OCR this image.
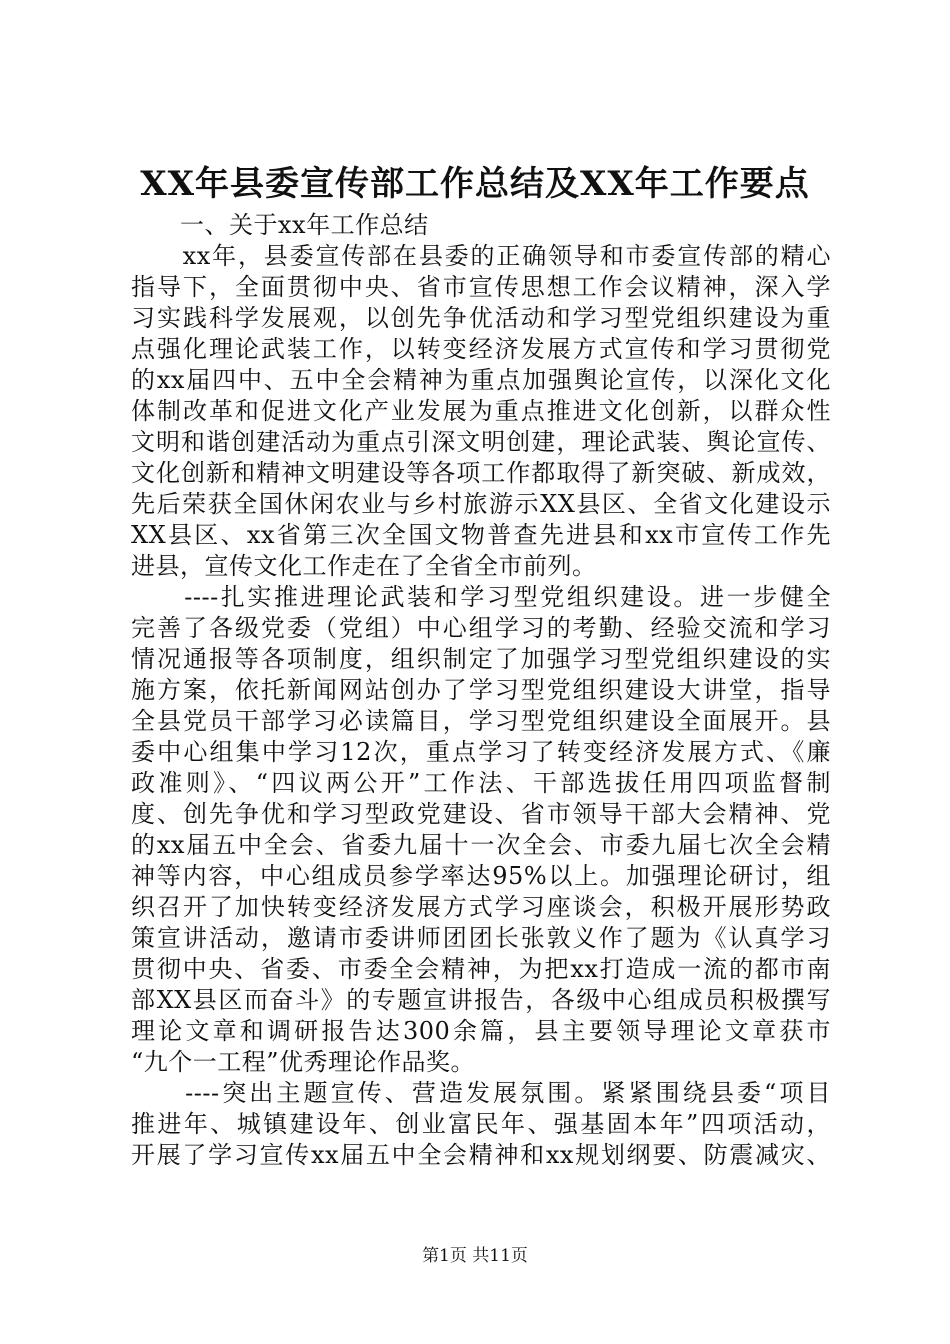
XX年县委宣传部工作总结及XX年工作要点
　　一、关于xx年工作总结
　　xx年，县委宣传部在县委的正确领导和市委宣传部的精心
指导下，全面贯彻中央、省市宣传思想工作会议精神，深入学
习实践科学发展观，以创先争优活动和学习型党组织建设为重
点强化理论武装工作，以转变经济发展方式宣传和学习贯彻党
的xx届四中、五中全会精神为重点加强舆论宣传，以深化文化
体制改革和促进文化产业发展为重点推进文化创新，以群众性
文明和谐创建活动为重点引深文明创建，理论武装、舆论宣传、
文化创新和精神文明建设等各项工作都取得了新突破、新成效，
先后荣获全国休闲农业与乡村旅游示XX县区、全省文化建设示
XX县区、xx省第三次全国文物普查先进县和xx市宣传工作先
进县，宣传文化工作走在了全省全市前列。
　　----扎实推进理论武装和学习型党组织建设。进一步健全
完善了各级党委（党组）中心组学习的考勤、经验交流和学习
情况通报等各项制度，组织制定了加强学习型党组织建设的实
施方案，依托新闻网站创办了学习型党组织建设大讲堂，指导
全县党员干部学习必读篇目，学习型党组织建设全面展开。县
委中心组集中学习12次，重点学习了转变经济发展方式、《廉
政准则》、“四议两公开”工作法、干部选拔任用四项监督制
度、创先争优和学习型政党建设、省市领导干部大会精神、党
的xx届五中全会、省委九届十一次全会、市委九届七次全会精
神等内容，中心组成员参学率达95%以上。加强理论研讨，组
织召开了加快转变经济发展方式学习座谈会，积极开展形势政
策宣讲活动，邀请市委讲师团团长张敦义作了题为《认真学习
贯彻中央、省委、市委全会精神，为把xx打造成一流的都市南
部XX县区而奋斗》的专题宣讲报告，各级中心组成员积极撰写
理论文章和调研报告达300余篇，县主要领导理论文章获市
“九个一工程”优秀理论作品奖。
　　----突出主题宣传、营造发展氛围。紧紧围绕县委“项目
推进年、城镇建设年、创业富民年、强基固本年”四项活动，
开展了学习宣传xx届五中全会精神和xx规划纲要、防震减灾、
第1页 共11页
